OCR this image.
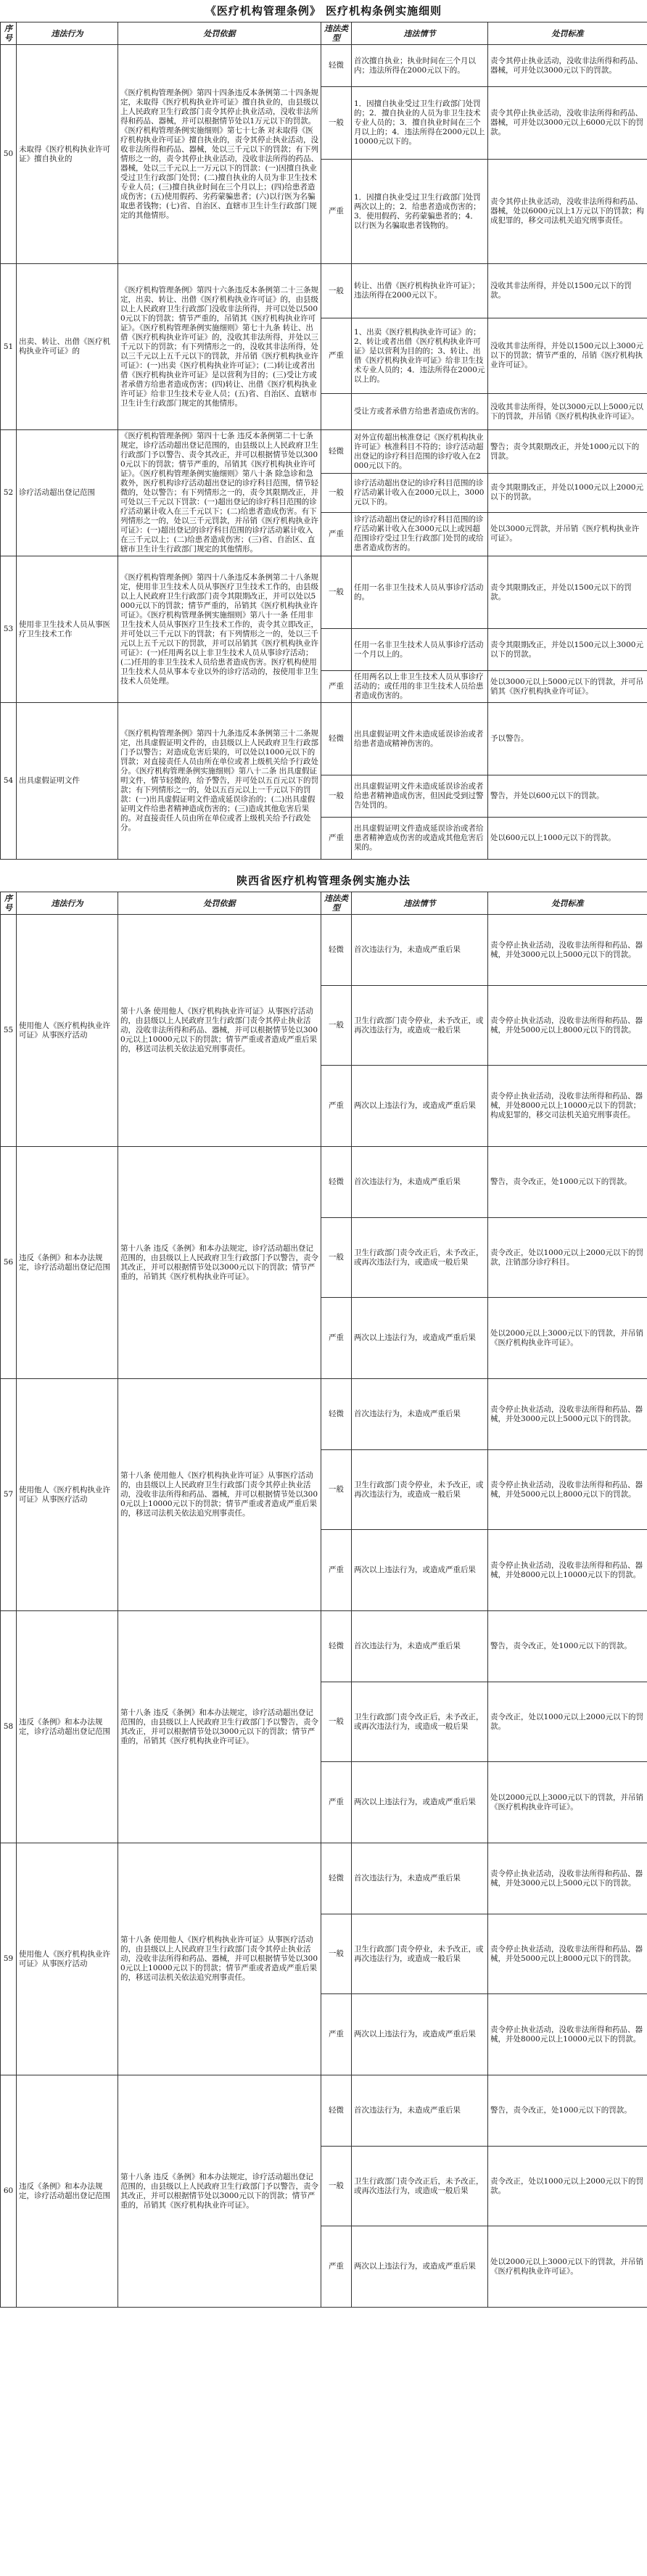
《医疗机构管理条例》 医疗机构条例实施细则
序号	违法行为	处罚依据	违法类型	违法情节	处罚标准
50	未取得《医疗机构执业许可证》擅自执业的	《医疗机构管理条例》第四十四条违反本条例第二十四条规定，未取得《医疗机构执业许可证》擅自执业的，由县级以上人民政府卫生行政部门责令其停止执业活动，没收非法所得和药品、器械，并可以根据情节处以1万元以下的罚款。《医疗机构管理条例实施细则》第七十七条 对未取得《医疗机构执业许可证》擅自执业的，责令其停止执业活动，没收非法所得和药品、器械，处以三千元以下的罚款；有下列情形之一的，责令其停止执业活动，没收非法所得的药品、器械，处以三千元以上一万元以下的罚款：(一)因擅自执业受过卫生行政部门处罚；(二)擅自执业的人员为非卫生技术专业人员；(三)擅自执业时间在三个月以上；(四)给患者造成伤害；(五)使用假药、劣药蒙骗患者；(六)以行医为名骗取患者钱物；(七)省、自治区、直辖市卫生计生行政部门规定的其他情形。	轻微	首次擅自执业；执业时间在三个月以内；违法所得在2000元以下的。	责令其停止执业活动，没收非法所得和药品、器械，可并处以3000元以下的罚款。
			一般	1．因擅自执业受过卫生行政部门处罚的；2．擅自执业的人员为非卫生技术专业人员的；3．擅自执业时间在三个月以上的；4．违法所得在2000元以上10000元以下的。	责令其停止执业活动，没收非法所得和药品、器械，可并处以3000元以上6000元以下的罚款。
			严重	1．因擅自执业受过卫生行政部门处罚两次以上的；2．给患者造成伤害的；3．使用假药、劣药蒙骗患者的；4．以行医为名骗取患者钱物的。	责令其停止执业活动，没收非法所得和药品、器械，处以6000元以上1万元以下的罚款；构成犯罪的，移交司法机关追究刑事责任。
51	出卖、转让、出借《医疗机构执业许可证》的	《医疗机构管理条例》第四十六条违反本条例第二十三条规定，出卖、转让、出借《医疗机构执业许可证》的，由县级以上人民政府卫生行政部门没收非法所得，并可以处以5000元以下的罚款；情节严重的，吊销其《医疗机构执业许可证》。《医疗机构管理条例实施细则》第七十九条 转让、出借《医疗机构执业许可证》的，没收其非法所得，并处以三千元以下的罚款；有下列情形之一的，没收其非法所得，处以三千元以上五千元以下的罚款，并吊销《医疗机构执业许可证》：(一)出卖《医疗机构执业许可证》；(二)转让或者出借《医疗机构执业许可证》是以营利为目的；(三)受让方或者承借方给患者造成伤害；(四)转让、出借《医疗机构执业许可证》给非卫生技术专业人员；(五)省、自治区、直辖市卫生计生行政部门规定的其他情形。	一般	转让、出借《医疗机构执业许可证》；违法所得在2000元以下。	没收其非法所得，并处以1500元以下的罚款。
			严重	1、出卖《医疗机构执业许可证》的；2、转让或者出借《医疗机构执业许可证》是以营利为目的的；3、转让、出借《医疗机构执业许可证》给非卫生技术专业人员的；4．违法所得在2000元以上的。	没收其非法所得，并处以1500元以上3000元以下的罚款；情节严重的，吊销《医疗机构执业许可证》。
				受让方或者承借方给患者造成伤害的。	没收其非法所得，处以3000元以上5000元以下的罚款，并吊销《医疗机构执业许可证》。
52	诊疗活动超出登记范围	《医疗机构管理条例》第四十七条 违反本条例第二十七条规定，诊疗活动超出登记范围的，由县级以上人民政府卫生行政部门予以警告、责令其改正，并可以根据情节处以3000元以下的罚款；情节严重的，吊销其《医疗机构执业许可证》。《医疗机构管理条例实施细则》第八十条 除急诊和急救外，医疗机构诊疗活动超出登记的诊疗科目范围，情节轻微的，处以警告；有下列情形之一的，责令其限期改正，并可处以三千元以下罚款：(一)超出登记的诊疗科目范围的诊疗活动累计收入在三千元以下；(二)给患者造成伤害。有下列情形之一的，处以三千元罚款，并吊销《医疗机构执业许可证》：(一)超出登记的诊疗科目范围的诊疗活动累计收入在三千元以上；(二)给患者造成伤害；(三)省、自治区、直辖市卫生计生行政部门规定的其他情形。	轻微	对外宣传超出核准登记《医疗机构执业许可证》核准科目不符的；诊疗活动超出登记的诊疗科目范围的诊疗收入在2000元以下的。	警告；责令其限期改正，并处1000元以下的罚款。
			一般	诊疗活动超出登记的诊疗科目范围的诊疗活动累计收入在2000元以上，3000元以下的。	责令其限期改正，并处以1000元以上2000元以下的罚款。
			严重	诊疗活动超出登记的诊疗科目范围的诊疗活动累计收入在3000元以上或因超范围诊疗受过卫生行政部门处罚的或给患者造成伤害的。	处以3000元罚款，并吊销《医疗机构执业许可证》。
53	使用非卫生技术人员从事医疗卫生技术工作	《医疗机构管理条例》第四十八条违反本条例第二十八条规定，使用非卫生技术人员从事医疗卫生技术工作的，由县级以上人民政府卫生行政部门责令其限期改正，并可以处以5000元以下的罚款；情节严重的，吊销其《医疗机构执业许可证》。《医疗机构管理条例实施细则》第八十一条 任用非卫生技术人员从事医疗卫生技术工作的，责令其立即改正，并可处以三千元以下的罚款；有下列情形之一的，处以三千元以上五千元以下的罚款，并可以吊销其《医疗机构执业许可证》：(一)任用两名以上非卫生技术人员从事诊疗活动；(二)任用的非卫生技术人员给患者造成伤害。医疗机构使用卫生技术人员从事本专业以外的诊疗活动的，按使用非卫生技术人员处理。	一般	任用一名非卫生技术人员从事诊疗活动的。	责令其限期改正，并处以1500元以下的罚款。
				任用一名非卫生技术人员从事诊疗活动一个月以上的。	责令其限期改正，并处以1500元以上3000元以下的罚款。
			严重	任用两名以上非卫生技术人员从事诊疗活动的；或任用的非卫生技术人员给患者造成伤害的。	处以3000元以上5000元以下的罚款，并可吊销其《医疗机构执业许可证》。
54	出具虚假证明文件	《医疗机构管理条例》第四十九条违反本条例第三十二条规定，出具虚假证明文件的，由县级以上人民政府卫生行政部门予以警告；对造成危害后果的，可以处以1000元以下的罚款；对直接责任人员由所在单位或者上级机关给予行政处分。《医疗机构管理条例实施细则》第八十二条 出具虚假证明文件，情节轻微的，给予警告，并可处以五百元以下的罚款；有下列情形之一的，处以五百元以上一千元以下的罚款：(一)出具虚假证明文件造成延误诊治的；(二)出具虚假证明文件给患者精神造成伤害的；(三)造成其他危害后果的。对直接责任人员由所在单位或者上级机关给予行政处分。	轻微	出具虚假证明文件未造成延误诊治或者给患者造成精神伤害的。	予以警告。
			一般	出具虚假证明文件未造成延误诊治或者给患者精神造成伤害，但因此受到过警告处罚的。	警告，并处以600元以下的罚款。
			严重	出具虚假证明文件造成延误诊治或者给患者精神造成伤害的或造成其他危害后果的。	处以600元以上1000元以下的罚款。
陕西省医疗机构管理条例实施办法
序号	违法行为	处罚依据	违法类型	违法情节	处罚标准
55	使用他人《医疗机构执业许可证》从事医疗活动	第十八条 使用他人《医疗机构执业许可证》从事医疗活动的，由县级以上人民政府卫生行政部门责令其停止执业活动，没收非法所得和药品、器械，并可以根据情节处以3000元以上10000元以下的罚款；情节严重或者造成严重后果的，移送司法机关依法追究刑事责任。	轻微	首次违法行为，未造成严重后果	责令停止执业活动，没收非法所得和药品、器械，并处3000元以上5000元以下的罚款。
			一般	卫生行政部门责令停业，未予改正，或再次违法行为，或造成一般后果	责令停止执业活动，没收非法所得和药品、器械，并处5000元以上8000元以下的罚款。
			严重	两次以上违法行为，或造成严重后果	责令停止执业活动，没收非法所得和药品、器械，并处8000元以上10000元以下的罚款；构成犯罪的，移交司法机关追究刑事责任。
56	违反《条例》和本办法规定，诊疗活动超出登记范围	第十八条 违反《条例》和本办法规定，诊疗活动超出登记范围的，由县级以上人民政府卫生行政部门予以警告，责令其改正，并可以根据情节处以3000元以下的罚款；情节严重的，吊销其《医疗机构执业许可证》。	轻微	首次违法行为，未造成严重后果	警告，责令改正，处1000元以下的罚款。
			一般	卫生行政部门责令改正后，未予改正，或再次违法行为，或造成一般后果	责令改正，处以1000元以上2000元以下的罚款，注销部分诊疗科目。
			严重	两次以上违法行为，或造成严重后果	处以2000元以上3000元以下的罚款，并吊销《医疗机构执业许可证》。
57	使用他人《医疗机构执业许可证》从事医疗活动	第十八条 使用他人《医疗机构执业许可证》从事医疗活动的，由县级以上人民政府卫生行政部门责令其停止执业活动，没收非法所得和药品、器械，并可以根据情节处以3000元以上10000元以下的罚款；情节严重或者造成严重后果的，移送司法机关依法追究刑事责任。	轻微	首次违法行为，未造成严重后果	责令停止执业活动，没收非法所得和药品、器械，并处3000元以上5000元以下的罚款。
			一般	卫生行政部门责令停业，未予改正，或再次违法行为，或造成一般后果	责令停止执业活动，没收非法所得和药品、器械，并处5000元以上8000元以下的罚款。
			严重	两次以上违法行为，或造成严重后果	责令停止执业活动，没收非法所得和药品、器械，并处8000元以上10000元以下的罚款。
58	违反《条例》和本办法规定，诊疗活动超出登记范围	第十八条 违反《条例》和本办法规定，诊疗活动超出登记范围的，由县级以上人民政府卫生行政部门予以警告，责令其改正，并可以根据情节处以3000元以下的罚款；情节严重的，吊销其《医疗机构执业许可证》。	轻微	首次违法行为，未造成严重后果	警告，责令改正，处1000元以下的罚款。
			一般	卫生行政部门责令改正后，未予改正，或再次违法行为，或造成一般后果	责令改正，处以1000元以上2000元以下的罚款。
			严重	两次以上违法行为，或造成严重后果	处以2000元以上3000元以下的罚款，并吊销《医疗机构执业许可证》。
59	使用他人《医疗机构执业许可证》从事医疗活动	第十八条 使用他人《医疗机构执业许可证》从事医疗活动的，由县级以上人民政府卫生行政部门责令其停止执业活动，没收非法所得和药品、器械，并可以根据情节处以3000元以上10000元以下的罚款；情节严重或者造成严重后果的，移送司法机关依法追究刑事责任。	轻微	首次违法行为，未造成严重后果	责令停止执业活动，没收非法所得和药品、器械，并处3000元以上5000元以下的罚款。
			一般	卫生行政部门责令停业，未予改正，或再次违法行为，或造成一般后果	责令停止执业活动，没收非法所得和药品、器械，并处5000元以上8000元以下的罚款。
			严重	两次以上违法行为，或造成严重后果	责令停止执业活动，没收非法所得和药品、器械，并处8000元以上10000元以下的罚款。
60	违反《条例》和本办法规定，诊疗活动超出登记范围	第十八条 违反《条例》和本办法规定，诊疗活动超出登记范围的，由县级以上人民政府卫生行政部门予以警告，责令其改正，并可以根据情节处以3000元以下的罚款；情节严重的，吊销其《医疗机构执业许可证》。	轻微	首次违法行为，未造成严重后果	警告，责令改正，处1000元以下的罚款。
			一般	卫生行政部门责令改正后，未予改正，或再次违法行为，或造成一般后果	责令改正，处以1000元以上2000元以下的罚款。
			严重	两次以上违法行为，或造成严重后果	处以2000元以上3000元以下的罚款，并吊销《医疗机构执业许可证》。
